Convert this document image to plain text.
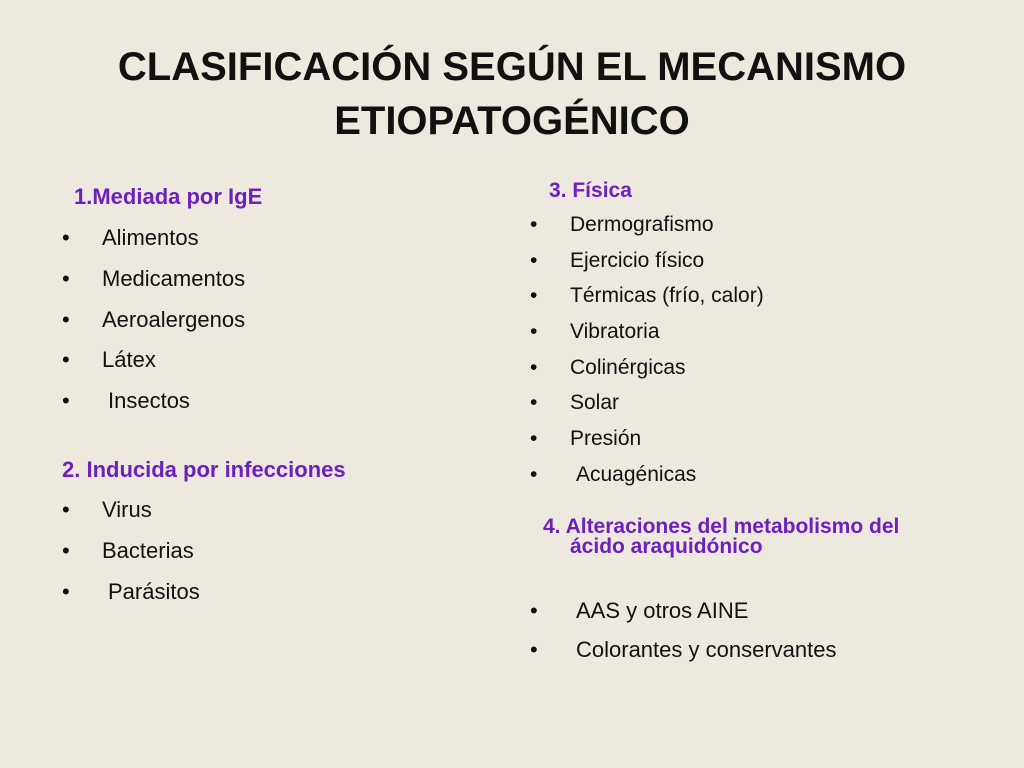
CLASIFICACIÓN SEGÚN EL MECANISMO
ETIOPATOGÉNICO
1.Mediada por IgE
• Alimentos
• Medicamentos
• Aeroalergenos
• Látex
• Insectos
2. Inducida por infecciones
• Virus
• Bacterias
• Parásitos
3. Física
• Dermografismo
• Ejercicio físico
• Térmicas (frío, calor)
• Vibratoria
• Colinérgicas
• Solar
• Presión
• Acuagénicas
4. Alteraciones del metabolismo del
ácido araquidónico
• AAS y otros AINE
• Colorantes y conservantes
